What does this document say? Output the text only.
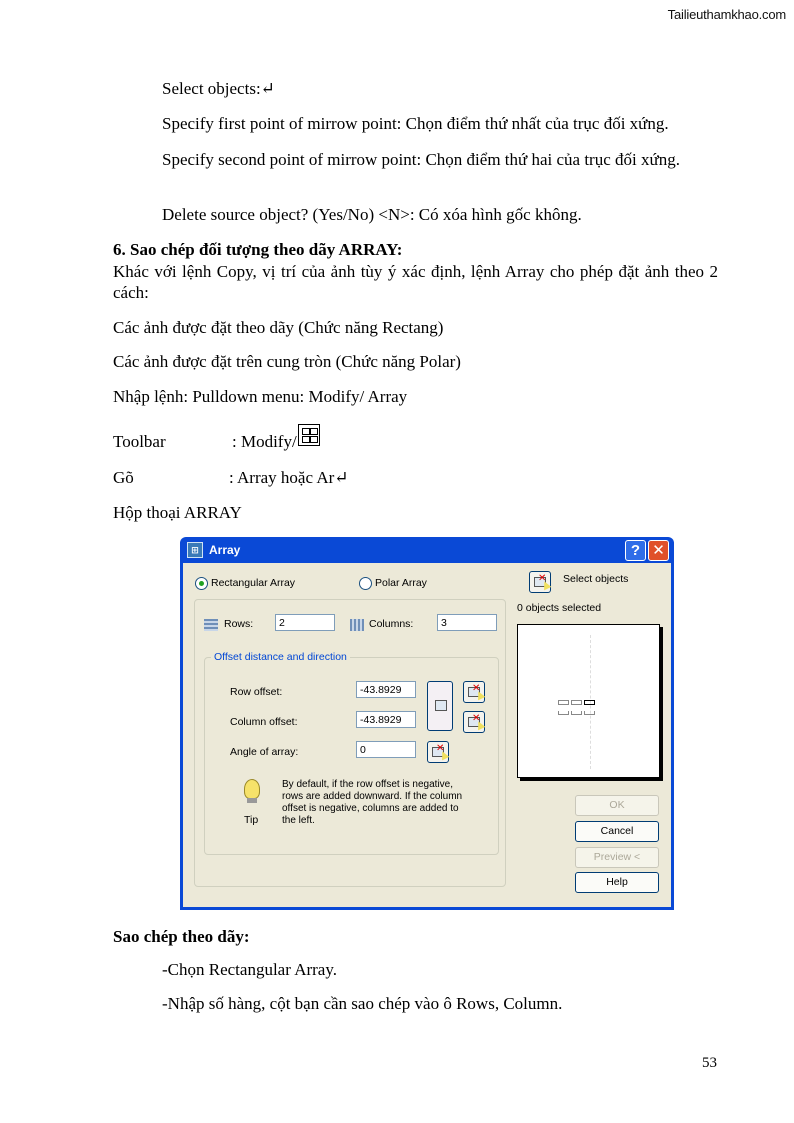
Tailieuthamkhao.com
Select objects:↵
Specify first point of mirrow point: Chọn điểm thứ nhất của trục đối xứng.
Specify second point of mirrow point: Chọn điểm thứ hai của trục đối xứng.
Delete source object? (Yes/No) <N>: Có xóa hình gốc không.
6. Sao chép đối tượng theo dãy ARRAY:
Khác với lệnh Copy, vị trí của ảnh tùy ý xác định, lệnh Array cho phép đặt ảnh theo 2 cách:
Các ảnh được đặt theo dãy (Chức năng Rectang)
Các ảnh được đặt trên cung tròn (Chức năng Polar)
Nhập lệnh: Pulldown menu: Modify/ Array
Toolbar	: Modify/
Gõ	: Array hoặc Ar↵
Hộp thoại ARRAY
⊞ Array	? ✕
Rectangular Array	Polar Array	✕ Select objects
0 objects selected
Rows:	2	Columns:	3
Offset distance and direction
Row offset:	-43.8929
Column offset:	-43.8929
Angle of array:	0
✕
✕
✕
Tip
By default, if the row offset is negative, rows are added downward. If the column offset is negative, columns are added to the left.
OK
Cancel
Preview <
Help
Sao chép theo dãy:
-Chọn Rectangular Array.
-Nhập số hàng, cột bạn cần sao chép vào ô Rows, Column.
53
